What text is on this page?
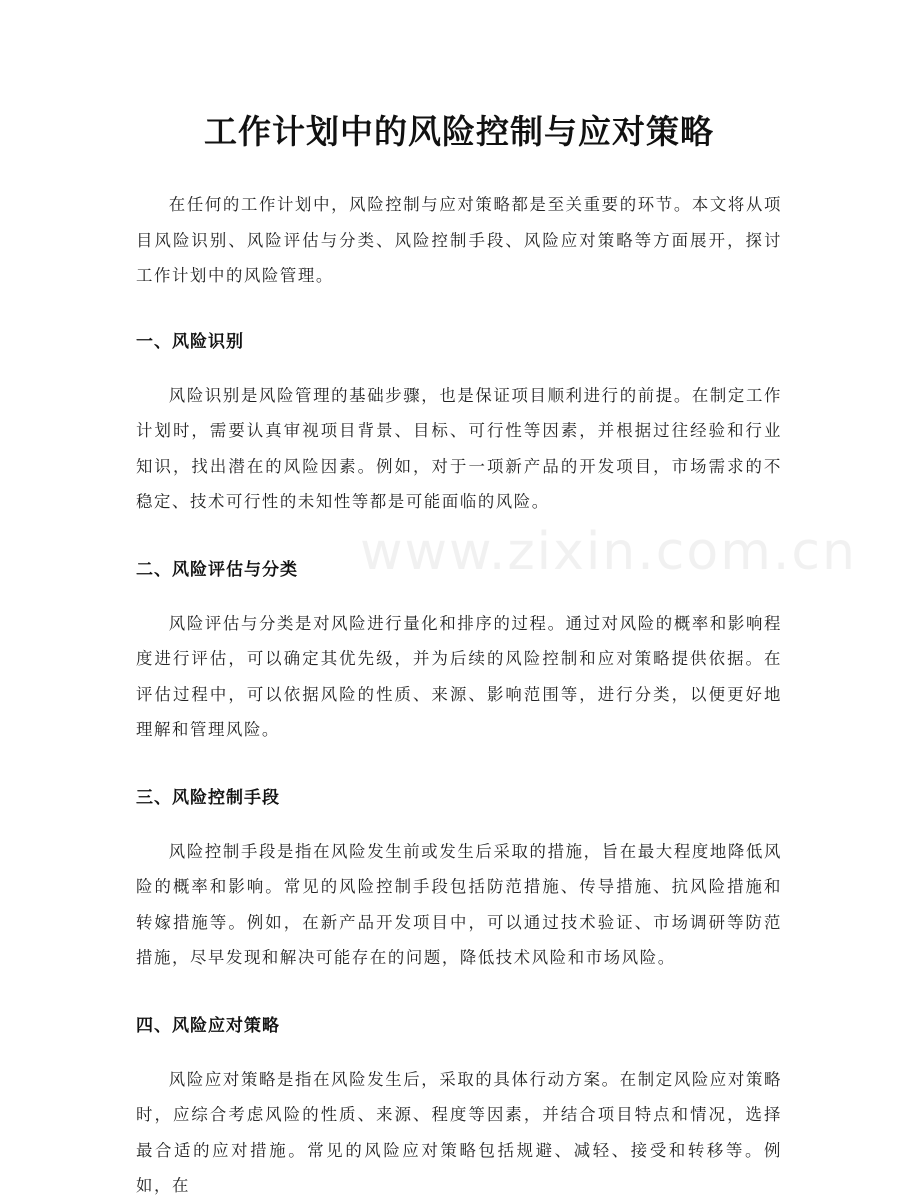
工作计划中的风险控制与应对策略

在任何的工作计划中，风险控制与应对策略都是至关重要的环节。本文将从项目风险识别、风险评估与分类、风险控制手段、风险应对策略等方面展开，探讨工作计划中的风险管理。

一、风险识别

风险识别是风险管理的基础步骤，也是保证项目顺利进行的前提。在制定工作计划时，需要认真审视项目背景、目标、可行性等因素，并根据过往经验和行业知识，找出潜在的风险因素。例如，对于一项新产品的开发项目，市场需求的不稳定、技术可行性的未知性等都是可能面临的风险。

二、风险评估与分类

风险评估与分类是对风险进行量化和排序的过程。通过对风险的概率和影响程度进行评估，可以确定其优先级，并为后续的风险控制和应对策略提供依据。在评估过程中，可以依据风险的性质、来源、影响范围等，进行分类，以便更好地理解和管理风险。

三、风险控制手段

风险控制手段是指在风险发生前或发生后采取的措施，旨在最大程度地降低风险的概率和影响。常见的风险控制手段包括防范措施、传导措施、抗风险措施和转嫁措施等。例如，在新产品开发项目中，可以通过技术验证、市场调研等防范措施，尽早发现和解决可能存在的问题，降低技术风险和市场风险。

四、风险应对策略

风险应对策略是指在风险发生后，采取的具体行动方案。在制定风险应对策略时，应综合考虑风险的性质、来源、程度等因素，并结合项目特点和情况，选择最合适的应对措施。常见的风险应对策略包括规避、减轻、接受和转移等。例如，在

www.zixin.com.cn
